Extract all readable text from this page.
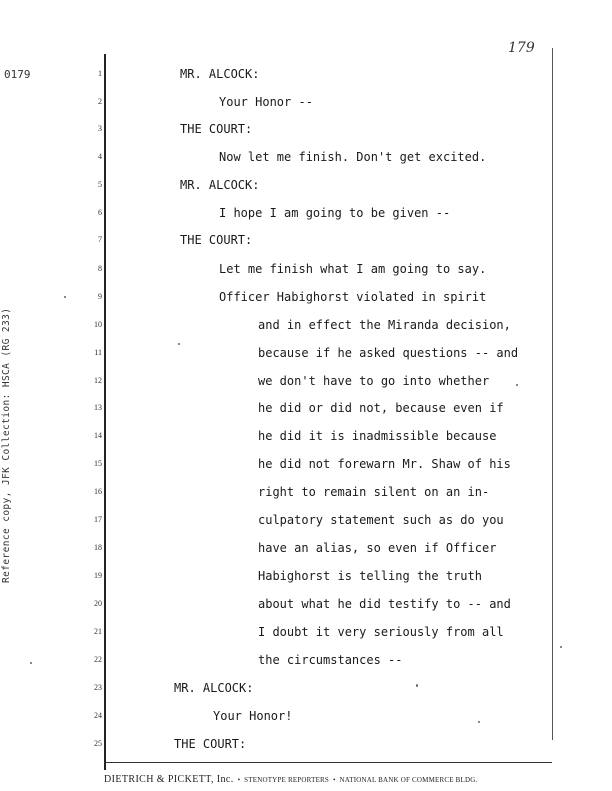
179
0179
Reference copy, JFK Collection: HSCA (RG 233)
1
2
3
4
5
6
7
8
9
10
11
12
13
14
15
16
17
18
19
20
21
22
23
24
25
MR. ALCOCK:
Your Honor --
THE COURT:
Now let me finish. Don't get excited.
MR. ALCOCK:
I hope I am going to be given --
THE COURT:
Let me finish what I am going to say.
Officer Habighorst violated in spirit
and in effect the Miranda decision,
because if he asked questions -- and
we don't have to go into whether
he did or did not, because even if
he did it is inadmissible because
he did not forewarn Mr. Shaw of his
right to remain silent on an in-
culpatory statement such as do you
have an alias, so even if Officer
Habighorst is telling the truth
about what he did testify to -- and
I doubt it very seriously from all
the circumstances --
MR. ALCOCK:
Your Honor!
THE COURT:
DIETRICH & PICKETT, Inc. • STENOTYPE REPORTERS • NATIONAL BANK OF COMMERCE BLDG.
